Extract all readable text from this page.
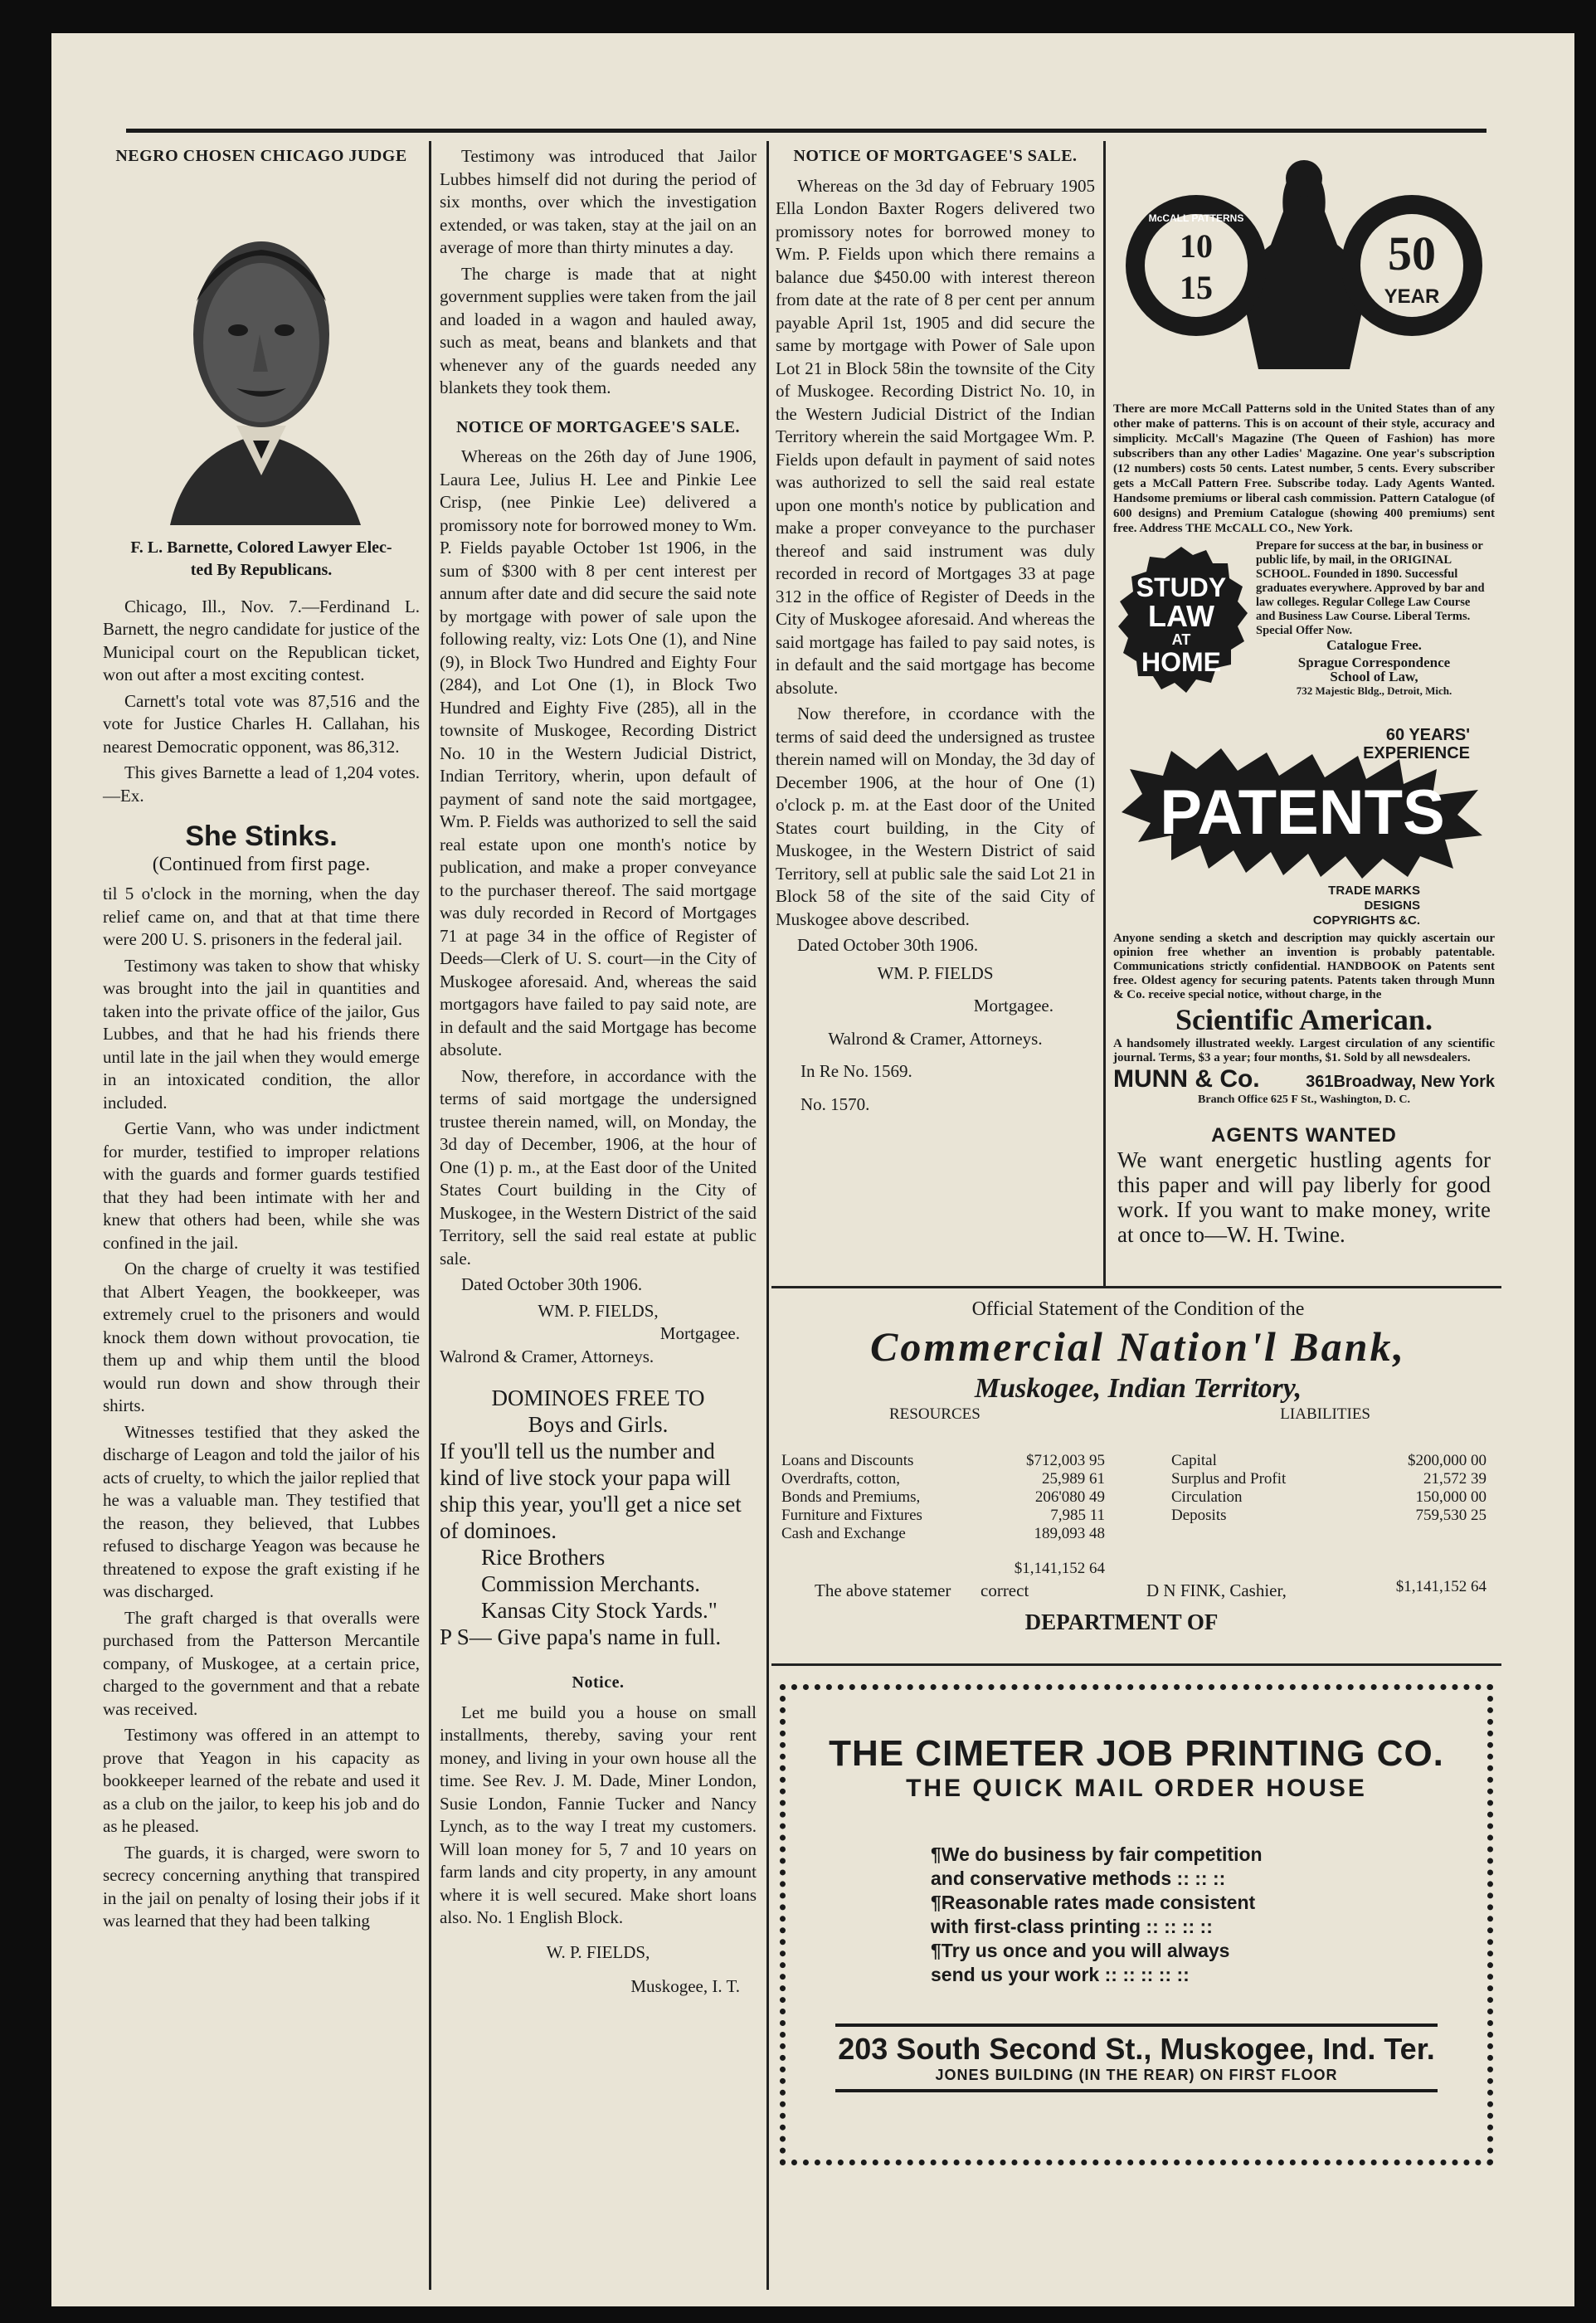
NEGRO CHOSEN CHICAGO JUDGE
F. L. Barnette, Colored Lawyer Elec-
ted By Republicans.

Chicago, Ill., Nov. 7.—Ferdinand L. Barnett, the negro candidate for justice of the Municipal court on the Republican ticket, won out after a most exciting contest.

Carnett's total vote was 87,516 and the vote for Justice Charles H. Callahan, his nearest Democratic opponent, was 86,312.

This gives Barnette a lead of 1,204 votes.—Ex.

She Stinks.
(Continued from first page.

til 5 o'clock in the morning, when the day relief came on, and that at that time there were 200 U. S. prisoners in the federal jail.

Testimony was taken to show that whisky was brought into the jail in quantities and taken into the private office of the jailor, Gus Lubbes, and that he had his friends there until late in the jail when they would emerge in an intoxicated condition, the allor included.

Gertie Vann, who was under indictment for murder, testified to improper relations with the guards and former guards testified that they had been intimate with her and knew that others had been, while she was confined in the jail.

On the charge of cruelty it was testified that Albert Yeagen, the bookkeeper, was extremely cruel to the prisoners and would knock them down without provocation, tie them up and whip them until the blood would run down and show through their shirts.

Witnesses testified that they asked the discharge of Leagon and told the jailor of his acts of cruelty, to which the jailor replied that he was a valuable man. They testified that the reason, they believed, that Lubbes refused to discharge Yeagon was because he threatened to expose the graft existing if he was discharged.

The graft charged is that overalls were purchased from the Patterson Mercantile company, of Muskogee, at a certain price, charged to the government and that a rebate was received.

Testimony was offered in an attempt to prove that Yeagon in his capacity as bookkeeper learned of the rebate and used it as a club on the jailor, to keep his job and do as he pleased.

The guards, it is charged, were sworn to secrecy concerning anything that transpired in the jail on penalty of losing their jobs if it was learned that they had been talking

Testimony was introduced that Jailor Lubbes himself did not during the period of six months, over which the investigation extended, or was taken, stay at the jail on an average of more than thirty minutes a day.

The charge is made that at night government supplies were taken from the jail and loaded in a wagon and hauled away, such as meat, beans and blankets and that whenever any of the guards needed any blankets they took them.

NOTICE OF MORTGAGEE'S SALE.

Whereas on the 26th day of June 1906, Laura Lee, Julius H. Lee and Pinkie Lee Crisp, (nee Pinkie Lee) delivered a promissory note for borrowed money to Wm. P. Fields payable October 1st 1906, in the sum of $300 with 8 per cent interest per annum after date and did secure the said note by mortgage with power of sale upon the following realty, viz: Lots One (1), and Nine (9), in Block Two Hundred and Eighty Four (284), and Lot One (1), in Block Two Hundred and Eighty Five (285), all in the townsite of Muskogee, Recording District No. 10 in the Western Judicial District, Indian Territory, wherin, upon default of payment of sand note the said mortgagee, Wm. P. Fields was authorized to sell the said real estate upon one month's notice by publication, and make a proper conveyance to the purchaser thereof. The said mortgage was duly recorded in Record of Mortgages 71 at page 34 in the office of Register of Deeds—Clerk of U. S. court—in the City of Muskogee aforesaid. And, whereas the said mortgagors have failed to pay said note, are in default and the said Mortgage has become absolute.

Now, therefore, in accordance with the terms of said mortgage the undersigned trustee therein named, will, on Monday, the 3d day of December, 1906, at the hour of One (1) p. m., at the East door of the United States Court building in the City of Muskogee, in the Western District of the said Territory, sell the said real estate at public sale.

Dated October 30th 1906.

WM. P. FIELDS,
Mortgagee.
Walrond & Cramer, Attorneys.

DOMINOES FREE TO

Boys and Girls.

If you'll tell us the number and kind of live stock your papa will ship this year, you'll get a nice set of dominoes.

Rice Brothers

Commission Merchants.

Kansas City Stock Yards."

P S— Give papa's name in full.

Notice.

Let me build you a house on small installments, thereby, saving your rent money, and living in your own house all the time. See Rev. J. M. Dade, Miner London, Susie London, Fannie Tucker and Nancy Lynch, as to the way I treat my customers. Will loan money for 5, 7 and 10 years on farm lands and city property, in any amount where it is well secured. Make short loans also. No. 1 English Block.

W. P. FIELDS,
Muskogee, I. T.
NOTICE OF MORTGAGEE'S SALE.

Whereas on the 3d day of February 1905 Ella London Baxter Rogers delivered two promissory notes for borrowed money to Wm. P. Fields upon which there remains a balance due $450.00 with interest thereon from date at the rate of 8 per cent per annum payable April 1st, 1905 and did secure the same by mortgage with Power of Sale upon Lot 21 in Block 58in the townsite of the City of Muskogee. Recording District No. 10, in the Western Judicial District of the Indian Territory wherein the said Mortgagee Wm. P. Fields upon default in payment of said notes was authorized to sell the said real estate upon one month's notice by publication and make a proper conveyance to the purchaser thereof and said instrument was duly recorded in record of Mortgages 33 at page 312 in the office of Register of Deeds in the City of Muskogee aforesaid. And whereas the said mortgage has failed to pay said notes, is in default and the said mortgage has become absolute.

Now therefore, in ccordance with the terms of said deed the undersigned as trustee therein named will on Monday, the 3d day of December 1906, at the hour of One (1) o'clock p. m. at the East door of the United States court building, in the City of Muskogee, in the Western District of said Territory, sell at public sale the said Lot 21 in Block 58 of the site of the said City of Muskogee above described.

Dated October 30th 1906.

WM. P. FIELDS
Mortgagee.
Walrond & Cramer, Attorneys.
In Re No. 1569.
No. 1570.
McCALL PATTERNS
10
15
50
YEAR
There are more McCall Patterns sold in the United States than of any other make of patterns. This is on account of their style, accuracy and simplicity. McCall's Magazine (The Queen of Fashion) has more subscribers than any other Ladies' Magazine. One year's subscription (12 numbers) costs 50 cents. Latest number, 5 cents. Every subscriber gets a McCall Pattern Free. Subscribe today. Lady Agents Wanted. Handsome premiums or liberal cash commission. Pattern Catalogue (of 600 designs) and Premium Catalogue (showing 400 premiums) sent free. Address THE McCALL CO., New York.
STUDY
LAW
AT
HOME
Prepare for success at the bar, in business or public life, by mail, in the ORIGINAL SCHOOL. Founded in 1890. Successful graduates everywhere. Approved by bar and law colleges. Regular College Law Course and Business Law Course. Liberal Terms. Special Offer Now.
Catalogue Free.
Sprague Correspondence
School of Law,
732 Majestic Bldg., Detroit, Mich.
60 YEARS'
EXPERIENCE
PATENTS
TRADE MARKS
DESIGNS
COPYRIGHTS &C.
Anyone sending a sketch and description may quickly ascertain our opinion free whether an invention is probably patentable. Communications strictly confidential. HANDBOOK on Patents sent free. Oldest agency for securing patents. Patents taken through Munn & Co. receive special notice, without charge, in the
Scientific American.
A handsomely illustrated weekly. Largest circulation of any scientific journal. Terms, $3 a year; four months, $1. Sold by all newsdealers.
MUNN & Co.	361Broadway, New York
Branch Office 625 F St., Washington, D. C.
AGENTS WANTED
We want energetic hustling agents for this paper and will pay liberly for good work. If you want to make money, write at once to—W. H. Twine.
Official Statement of the Condition of the
Commercial Nation'l Bank,
Muskogee, Indian Territory,
RESOURCES	LIABILITIES
Loans and Discounts	$712,003 95
Overdrafts, cotton,	25,989 61
Bonds and Premiums,	206'080 49
Furniture and Fixtures	7,985 11
Cash and Exchange	189,093 48
$1,141,152 64
Capital	$200,000 00
Surplus and Profit	21,572 39
Circulation	150,000 00
Deposits	759,530 25
$1,141,152 64
The above statemer	correct	D N FINK, Cashier,
DEPARTMENT OF
THE CIMETER JOB PRINTING CO.
THE QUICK MAIL ORDER HOUSE
¶We do business by fair competition
and conservative methods :: :: ::
¶Reasonable rates made consistent
with first-class printing :: :: :: ::
¶Try us once and you will always
send us your work :: :: :: :: ::
203 South Second St., Muskogee, Ind. Ter.
JONES BUILDING (IN THE REAR) ON FIRST FLOOR
